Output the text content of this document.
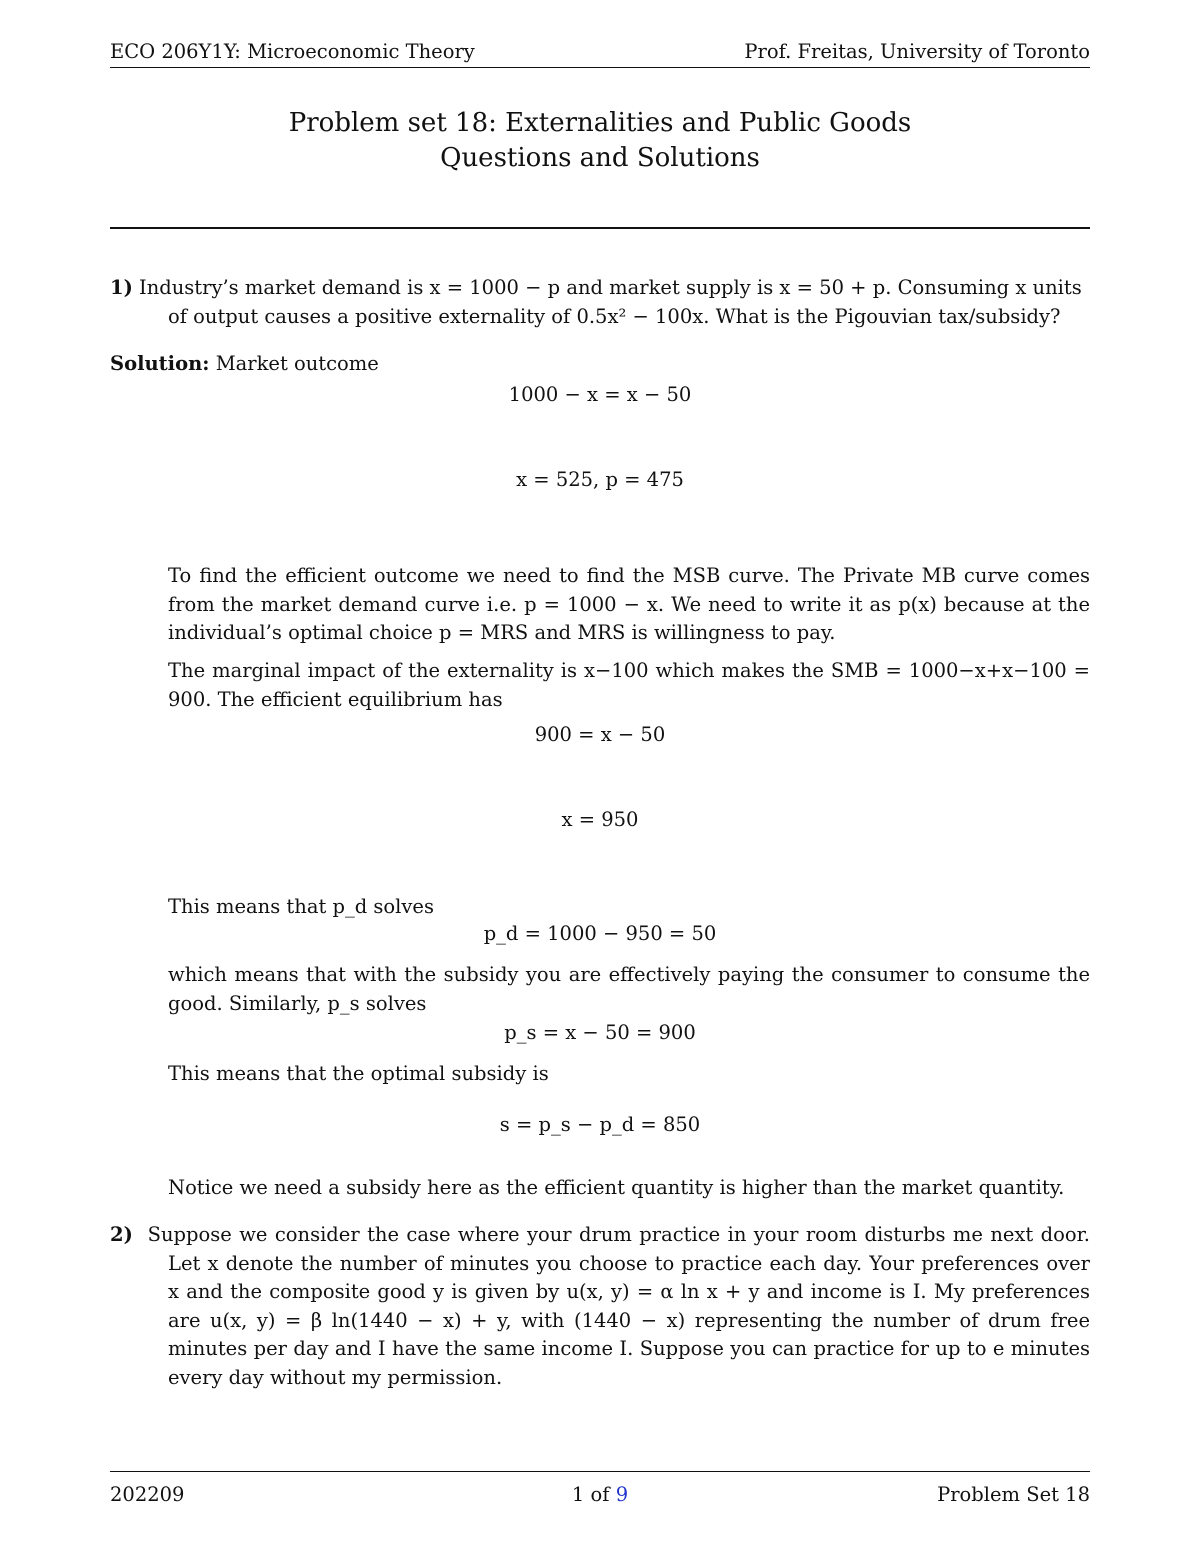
ECO 206Y1Y: Microeconomic Theory	Prof. Freitas, University of Toronto
Problem set 18: Externalities and Public Goods
Questions and Solutions
1) Industry’s market demand is x = 1000 − p and market supply is x = 50 + p. Consuming x units
of output causes a positive externality of 0.5x² − 100x. What is the Pigouvian tax/subsidy?
Solution: Market outcome
1000 − x = x − 50
x = 525, p = 475
To find the efficient outcome we need to find the MSB curve. The Private MB curve comes from the market demand curve i.e. p = 1000 − x. We need to write it as p(x) because at the individual’s optimal choice p = MRS and MRS is willingness to pay.
The marginal impact of the externality is x−100 which makes the SMB = 1000−x+x−100 = 900. The efficient equilibrium has
900 = x − 50
x = 950
This means that p_d solves
p_d = 1000 − 950 = 50
which means that with the subsidy you are effectively paying the consumer to consume the good. Similarly, p_s solves
p_s = x − 50 = 900
This means that the optimal subsidy is
s = p_s − p_d = 850
Notice we need a subsidy here as the efficient quantity is higher than the market quantity.
2) Suppose we consider the case where your drum practice in your room disturbs me next door. Let x denote the number of minutes you choose to practice each day. Your preferences over x and the composite good y is given by u(x, y) = α ln x + y and income is I. My preferences are u(x, y) = β ln(1440 − x) + y, with (1440 − x) representing the number of drum free minutes per day and I have the same income I. Suppose you can practice for up to e minutes every day without my permission.
202209	1 of 9	Problem Set 18
